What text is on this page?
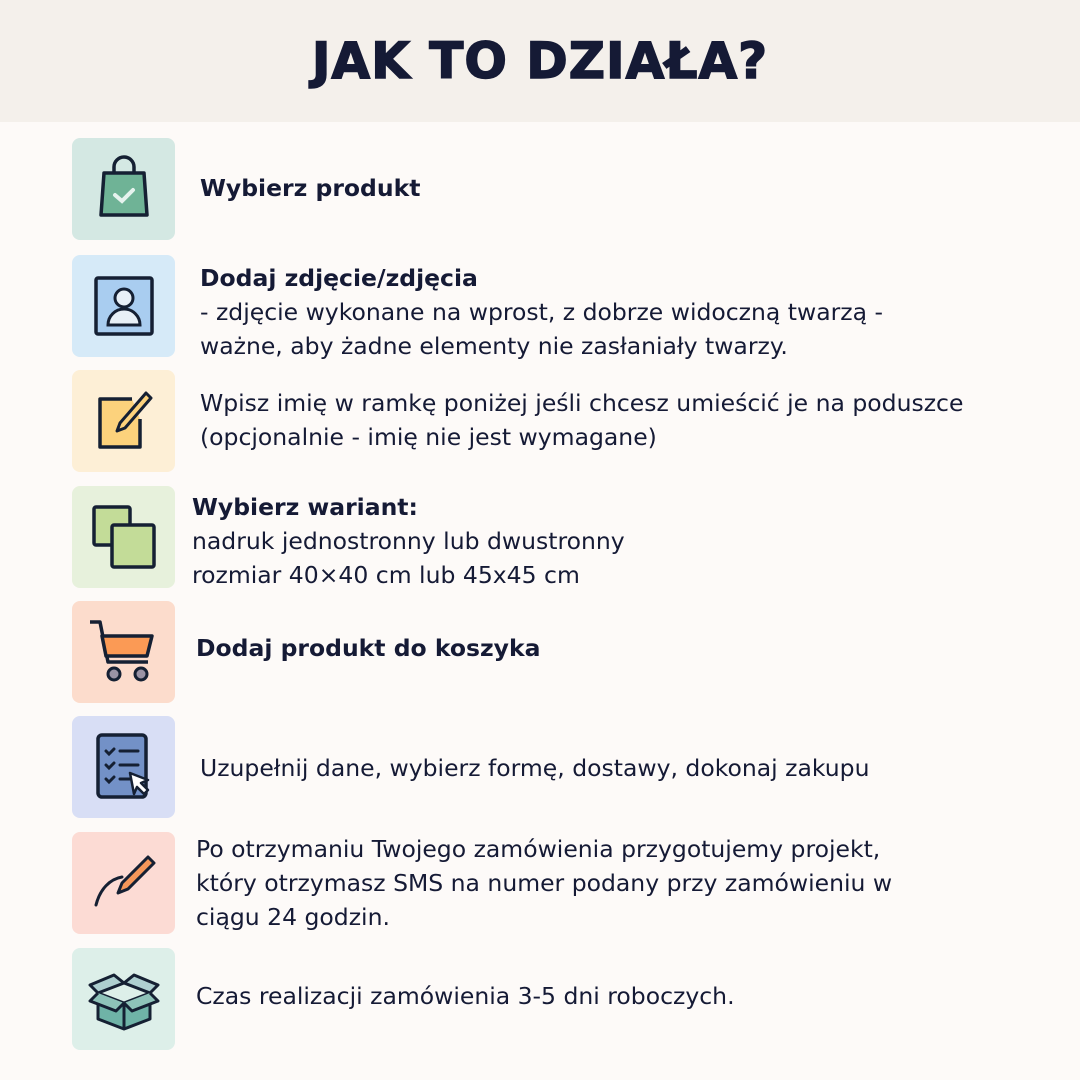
JAK TO DZIAŁA?
Wybierz produkt
Dodaj zdjęcie/zdjęcia
- zdjęcie wykonane na wprost, z dobrze widoczną twarzą -
ważne, aby żadne elementy nie zasłaniały twarzy.
Wpisz imię w ramkę poniżej jeśli chcesz umieścić je na poduszce
(opcjonalnie - imię nie jest wymagane)
Wybierz wariant:
nadruk jednostronny lub dwustronny
rozmiar 40×40 cm lub 45x45 cm
Dodaj produkt do koszyka
Uzupełnij dane, wybierz formę, dostawy, dokonaj zakupu
Po otrzymaniu Twojego zamówienia przygotujemy projekt,
który otrzymasz SMS na numer podany przy zamówieniu w
ciągu 24 godzin.
Czas realizacji zamówienia 3-5 dni roboczych.
